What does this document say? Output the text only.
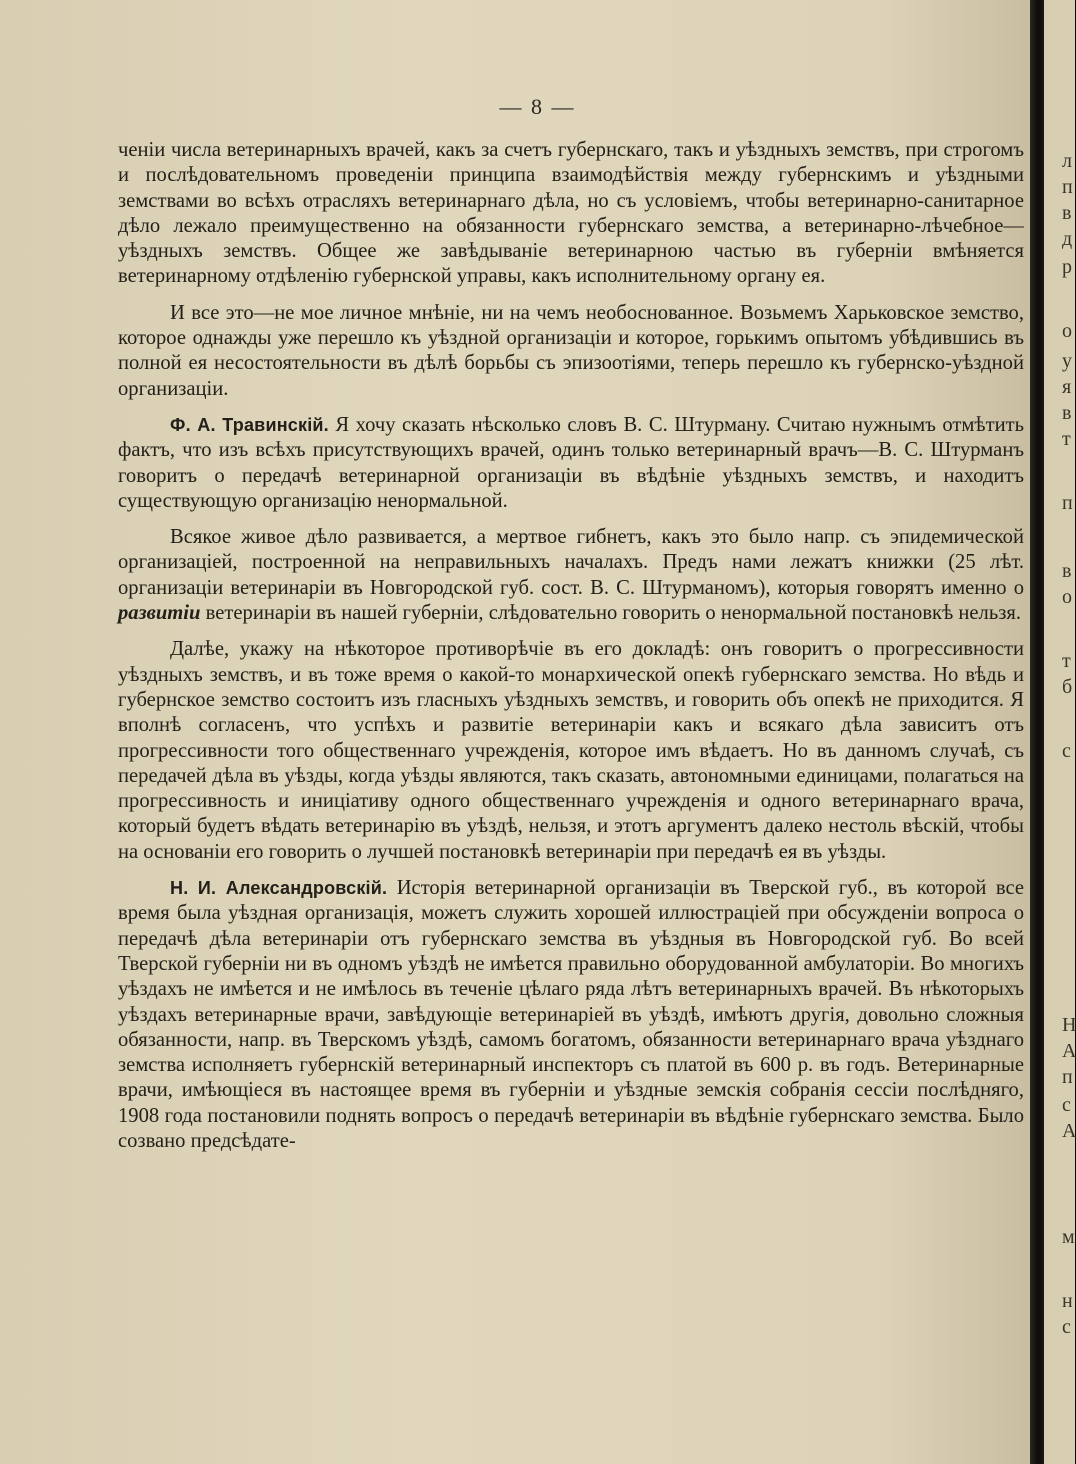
— 8 —

ченіи числа ветеринарныхъ врачей, какъ за счетъ губернскаго, такъ и уѣздныхъ земствъ, при строгомъ и послѣдовательномъ проведеніи принципа взаимодѣйствія между губернскимъ и уѣздными земствами во всѣхъ отрасляхъ ветеринарнаго дѣла, но съ условіемъ, чтобы ветеринарно-санитарное дѣло лежало преимущественно на обязанности губернскаго земства, а ветеринарно-лѣчебное—уѣздныхъ земствъ. Общее же завѣдываніе ветеринарною частью въ губерніи вмѣняется ветеринарному отдѣленію губернской управы, какъ исполнительному органу ея.

И все это—не мое личное мнѣніе, ни на чемъ необоснованное. Возьмемъ Харьковское земство, которое однажды уже перешло къ уѣздной организаціи и которое, горькимъ опытомъ убѣдившись въ полной ея несостоятельности въ дѣлѣ борьбы съ эпизоотіями, теперь перешло къ губернско-уѣздной организаціи.

Ф. А. Травинскій. Я хочу сказать нѣсколько словъ В. С. Штурману. Считаю нужнымъ отмѣтить фактъ, что изъ всѣхъ присутствующихъ врачей, одинъ только ветеринарный врачъ—В. С. Штурманъ говоритъ о передачѣ ветеринарной организаціи въ вѣдѣніе уѣздныхъ земствъ, и находитъ существующую организацію ненормальной.

Всякое живое дѣло развивается, а мертвое гибнетъ, какъ это было напр. съ эпидемической организаціей, построенной на неправильныхъ началахъ. Предъ нами лежатъ книжки (25 лѣт. организаціи ветеринаріи въ Новгородской губ. сост. В. С. Штурманомъ), которыя говорятъ именно о развитіи ветеринаріи въ нашей губерніи, слѣдовательно говорить о ненормальной постановкѣ нельзя.

Далѣе, укажу на нѣкоторое противорѣчіе въ его докладѣ: онъ говоритъ о прогрессивности уѣздныхъ земствъ, и въ тоже время о какой-то монархической опекѣ губернскаго земства. Но вѣдь и губернское земство состоитъ изъ гласныхъ уѣздныхъ земствъ, и говорить объ опекѣ не приходится. Я вполнѣ согласенъ, что успѣхъ и развитіе ветеринаріи какъ и всякаго дѣла зависитъ отъ прогрессивности того общественнаго учрежденія, которое имъ вѣдаетъ. Но въ данномъ случаѣ, съ передачей дѣла въ уѣзды, когда уѣзды являются, такъ сказать, автономными единицами, полагаться на прогрессивность и иниціативу одного общественнаго учрежденія и одного ветеринарнаго врача, который будетъ вѣдать ветеринарію въ уѣздѣ, нельзя, и этотъ аргументъ далеко нестоль вѣскій, чтобы на основаніи его говорить о лучшей постановкѣ ветеринаріи при передачѣ ея въ уѣзды.

Н. И. Александровскій. Исторія ветеринарной организаціи въ Тверской губ., въ которой все время была уѣздная организація, можетъ служить хорошей иллюстраціей при обсужденіи вопроса о передачѣ дѣла ветеринаріи отъ губернскаго земства въ уѣздныя въ Новгородской губ. Во всей Тверской губерніи ни въ одномъ уѣздѣ не имѣется правильно оборудованной амбулаторіи. Во многихъ уѣздахъ не имѣется и не имѣлось въ теченіе цѣлаго ряда лѣтъ ветеринарныхъ врачей. Въ нѣкоторыхъ уѣздахъ ветеринарные врачи, завѣдующіе ветеринаріей въ уѣздѣ, имѣютъ другія, довольно сложныя обязанности, напр. въ Тверскомъ уѣздѣ, самомъ богатомъ, обязанности ветеринарнаго врача уѣзднаго земства исполняетъ губернскій ветеринарный инспекторъ съ платой въ 600 р. въ годъ. Ветеринарные врачи, имѣющіеся въ настоящее время въ губерніи и уѣздные земскія собранія сессіи послѣдняго, 1908 года постановили поднять вопросъ о передачѣ ветеринаріи въ вѣдѣніе губернскаго земства. Было созвано предсѣдате-

л
п
в
д
р
о
у
я
в
т
п
в
о
т
б
с
Н
А
п
с
А
м
н
с
